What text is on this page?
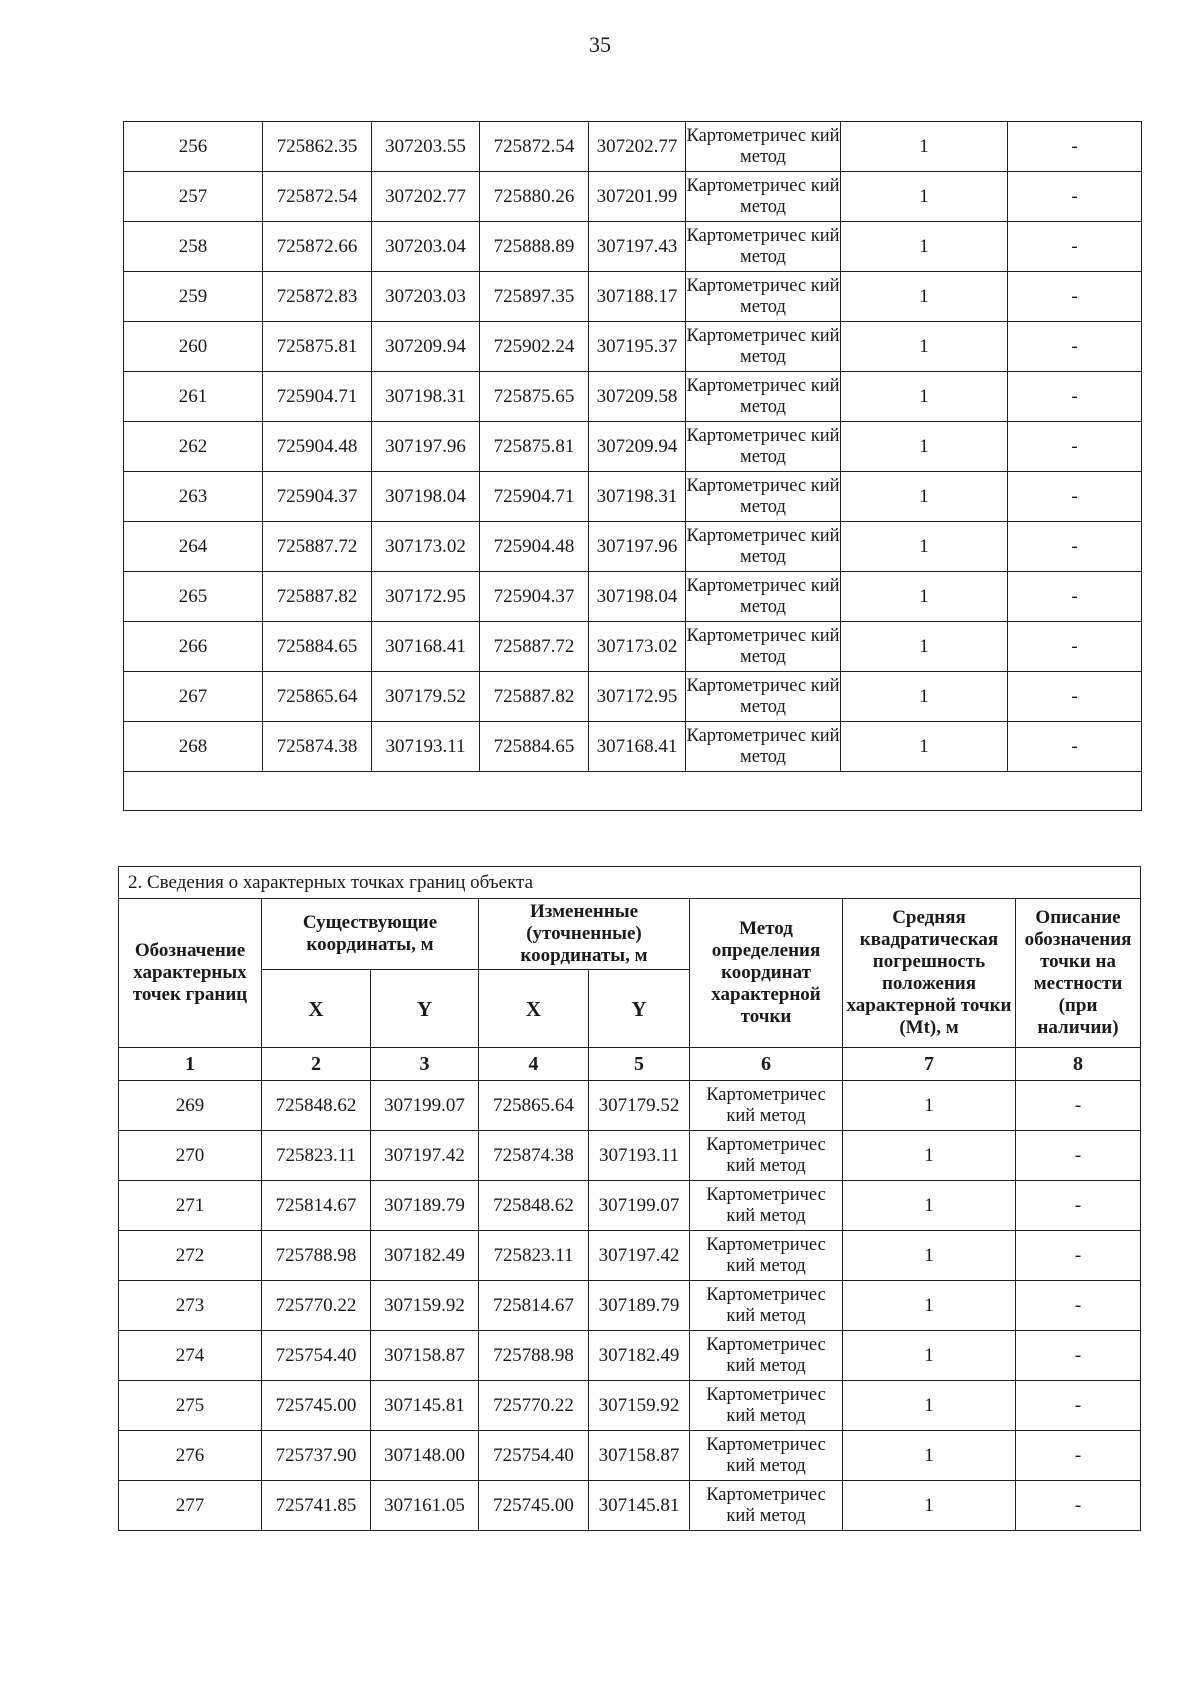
35
256	725862.35	307203.55	725872.54	307202.77	Картометричес кий метод	1	-
257	725872.54	307202.77	725880.26	307201.99	Картометричес кий метод	1	-
258	725872.66	307203.04	725888.89	307197.43	Картометричес кий метод	1	-
259	725872.83	307203.03	725897.35	307188.17	Картометричес кий метод	1	-
260	725875.81	307209.94	725902.24	307195.37	Картометричес кий метод	1	-
261	725904.71	307198.31	725875.65	307209.58	Картометричес кий метод	1	-
262	725904.48	307197.96	725875.81	307209.94	Картометричес кий метод	1	-
263	725904.37	307198.04	725904.71	307198.31	Картометричес кий метод	1	-
264	725887.72	307173.02	725904.48	307197.96	Картометричес кий метод	1	-
265	725887.82	307172.95	725904.37	307198.04	Картометричес кий метод	1	-
266	725884.65	307168.41	725887.72	307173.02	Картометричес кий метод	1	-
267	725865.64	307179.52	725887.82	307172.95	Картометричес кий метод	1	-
268	725874.38	307193.11	725884.65	307168.41	Картометричес кий метод	1	-

2. Сведения о характерных точках границ объекта							
Обозначение характерных точек границ	Существующие координаты, м		Измененные (уточненные) координаты, м		Метод определения координат характерной точки	Средняя квадратическая погрешность положения характерной точки (Mt), м	Описание обозначения точки на местности (при наличии)
	X	Y	X	Y			
1	2	3	4	5	6	7	8
269	725848.62	307199.07	725865.64	307179.52	Картометричес кий метод	1	-
270	725823.11	307197.42	725874.38	307193.11	Картометричес кий метод	1	-
271	725814.67	307189.79	725848.62	307199.07	Картометричес кий метод	1	-
272	725788.98	307182.49	725823.11	307197.42	Картометричес кий метод	1	-
273	725770.22	307159.92	725814.67	307189.79	Картометричес кий метод	1	-
274	725754.40	307158.87	725788.98	307182.49	Картометричес кий метод	1	-
275	725745.00	307145.81	725770.22	307159.92	Картометричес кий метод	1	-
276	725737.90	307148.00	725754.40	307158.87	Картометричес кий метод	1	-
277	725741.85	307161.05	725745.00	307145.81	Картометричес кий метод	1	-
